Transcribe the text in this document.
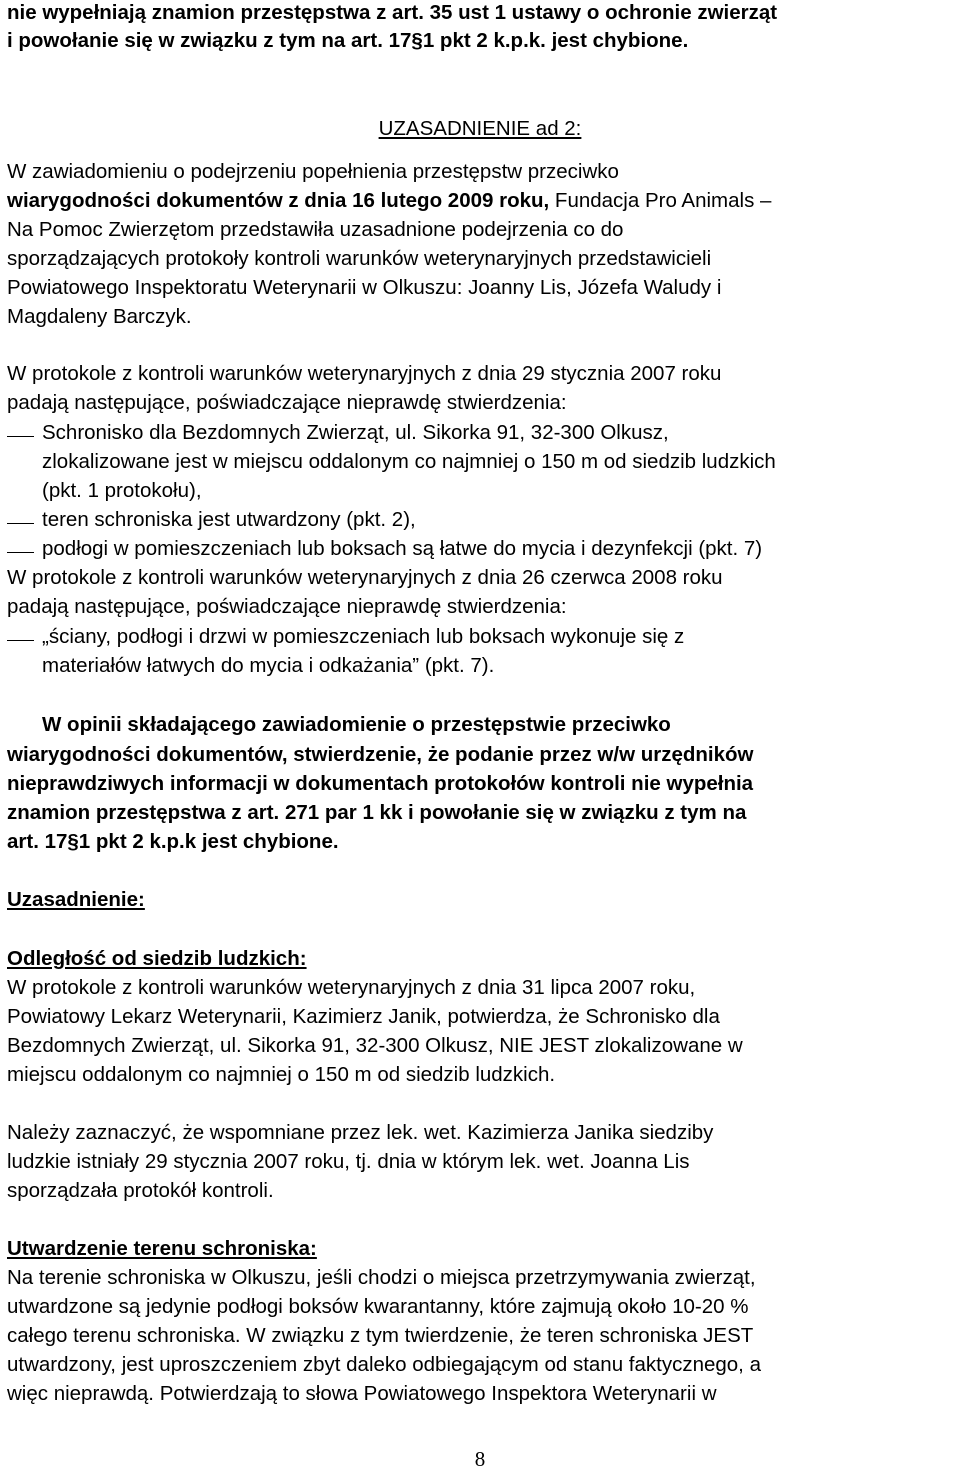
nie wypełniają znamion przestępstwa z art. 35 ust 1 ustawy o ochronie zwierząt
i powołanie się w związku z tym na art. 17§1 pkt 2 k.p.k. jest chybione.
UZASADNIENIE ad 2:
W zawiadomieniu o podejrzeniu popełnienia przestępstw przeciwko
wiarygodności dokumentów z dnia 16 lutego 2009 roku, Fundacja Pro Animals –
Na Pomoc Zwierzętom przedstawiła uzasadnione podejrzenia co do
sporządzających protokoły kontroli warunków weterynaryjnych przedstawicieli
Powiatowego Inspektoratu Weterynarii w Olkuszu: Joanny Lis, Józefa Waludy i
Magdaleny Barczyk.
W protokole z kontroli warunków weterynaryjnych z dnia 29 stycznia 2007 roku
padają następujące, poświadczające nieprawdę stwierdzenia:
Schronisko dla Bezdomnych Zwierząt, ul. Sikorka 91, 32-300 Olkusz,
zlokalizowane jest w miejscu oddalonym co najmniej o 150 m od siedzib ludzkich
(pkt. 1 protokołu),
teren schroniska jest utwardzony (pkt. 2),
podłogi w pomieszczeniach lub boksach są łatwe do mycia i dezynfekcji (pkt. 7)
W protokole z kontroli warunków weterynaryjnych z dnia 26 czerwca 2008 roku
padają następujące, poświadczające nieprawdę stwierdzenia:
„ściany, podłogi i drzwi w pomieszczeniach lub boksach wykonuje się z
materiałów łatwych do mycia i odkażania” (pkt. 7).
W opinii składającego zawiadomienie o przestępstwie przeciwko
wiarygodności dokumentów, stwierdzenie, że podanie przez w/w urzędników
nieprawdziwych informacji w dokumentach protokołów kontroli nie wypełnia
znamion przestępstwa z art. 271 par 1 kk i powołanie się w związku z tym na
art. 17§1 pkt 2 k.p.k jest chybione.
Uzasadnienie:
Odległość od siedzib ludzkich:
W protokole z kontroli warunków weterynaryjnych z dnia 31 lipca 2007 roku,
Powiatowy Lekarz Weterynarii, Kazimierz Janik, potwierdza, że Schronisko dla
Bezdomnych Zwierząt, ul. Sikorka 91, 32-300 Olkusz, NIE JEST zlokalizowane w
miejscu oddalonym co najmniej o 150 m od siedzib ludzkich.
Należy zaznaczyć, że wspomniane przez lek. wet. Kazimierza Janika siedziby
ludzkie istniały 29 stycznia 2007 roku, tj. dnia w którym lek. wet. Joanna Lis
sporządzała protokół kontroli.
Utwardzenie terenu schroniska:
Na terenie schroniska w Olkuszu, jeśli chodzi o miejsca przetrzymywania zwierząt,
utwardzone są jedynie podłogi boksów kwarantanny, które zajmują około 10-20 %
całego terenu schroniska. W związku z tym twierdzenie, że teren schroniska JEST
utwardzony, jest uproszczeniem zbyt daleko odbiegającym od stanu faktycznego, a
więc nieprawdą. Potwierdzają to słowa Powiatowego Inspektora Weterynarii w
8
